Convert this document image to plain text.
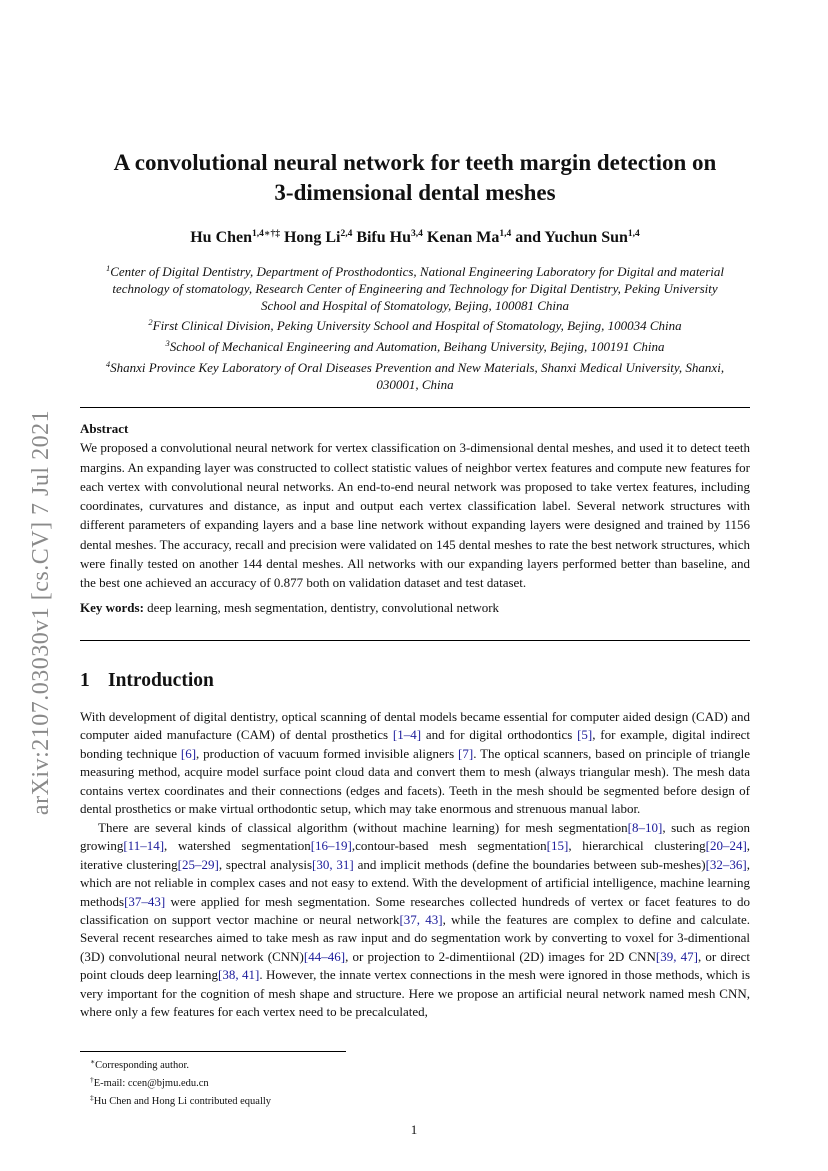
arXiv:2107.03030v1 [cs.CV] 7 Jul 2021
A convolutional neural network for teeth margin detection on
3-dimensional dental meshes
Hu Chen$^{1,4∗\dagger\ddagger}$ Hong Li$^{2,4}$ Bifu Hu$^{3,4}$ Kenan Ma$^{1,4}$ and Yuchun Sun$^{1,4}$
$^1$Center of Digital Dentistry, Department of Prosthodontics, National Engineering Laboratory for Digital and material
technology of stomatology, Research Center of Engineering and Technology for Digital Dentistry, Peking University
School and Hospital of Stomatology, Bejing, 100081 China
$^2$First Clinical Division, Peking University School and Hospital of Stomatology, Bejing, 100034 China
$^3$School of Mechanical Engineering and Automation, Beihang University, Bejing, 100191 China
$^4$Shanxi Province Key Laboratory of Oral Diseases Prevention and New Materials, Shanxi Medical University, Shanxi,
030001, China
Abstract

We proposed a convolutional neural network for vertex classification on 3-dimensional dental meshes, and used it to detect teeth margins. An expanding layer was constructed to collect statistic values of neighbor vertex features and compute new features for each vertex with convolutional neural networks. An end-to-end neural network was proposed to take vertex features, including coordinates, curvatures and distance, as input and output each vertex classification label. Several network structures with different parameters of expanding layers and a base line network without expanding layers were designed and trained by 1156 dental meshes. The accuracy, recall and precision were validated on 145 dental meshes to rate the best network structures, which were finally tested on another 144 dental meshes. All networks with our expanding layers performed better than baseline, and the best one achieved an accuracy of 0.877 both on validation dataset and test dataset.

Key words: deep learning, mesh segmentation, dentistry, convolutional network
1 Introduction

With development of digital dentistry, optical scanning of dental models became essential for computer aided design (CAD) and computer aided manufacture (CAM) of dental prosthetics [1–4] and for digital orthodontics [5], for example, digital indirect bonding technique [6], production of vacuum formed invisible aligners [7]. The optical scanners, based on principle of triangle measuring method, acquire model surface point cloud data and convert them to mesh (always triangular mesh). The mesh data contains vertex coordinates and their connections (edges and facets). Teeth in the mesh should be segmented before design of dental prosthetics or make virtual orthodontic setup, which may take enormous and strenuous manual labor.

There are several kinds of classical algorithm (without machine learning) for mesh segmentation[8–10], such as region growing[11–14], watershed segmentation[16–19],contour-based mesh segmentation[15], hierarchical clustering[20–24], iterative clustering[25–29], spectral analysis[30, 31] and implicit methods (define the boundaries between sub-meshes)[32–36], which are not reliable in complex cases and not easy to extend. With the development of artificial intelligence, machine learning methods[37–43] were applied for mesh segmentation. Some researches collected hundreds of vertex or facet features to do classification on support vector machine or neural network[37, 43], while the features are complex to define and calculate. Several recent researches aimed to take mesh as raw input and do segmentation work by converting to voxel for 3-dimentional (3D) convolutional neural network (CNN)[44–46], or projection to 2-dimentiional (2D) images for 2D CNN[39, 47], or direct point clouds deep learning[38, 41]. However, the innate vertex connections in the mesh were ignored in those methods, which is very important for the cognition of mesh shape and structure. Here we propose an artificial neural network named mesh CNN, where only a few features for each vertex need to be precalculated,

∗Corresponding author.
†E-mail: ccen@bjmu.edu.cn
‡Hu Chen and Hong Li contributed equally
1
